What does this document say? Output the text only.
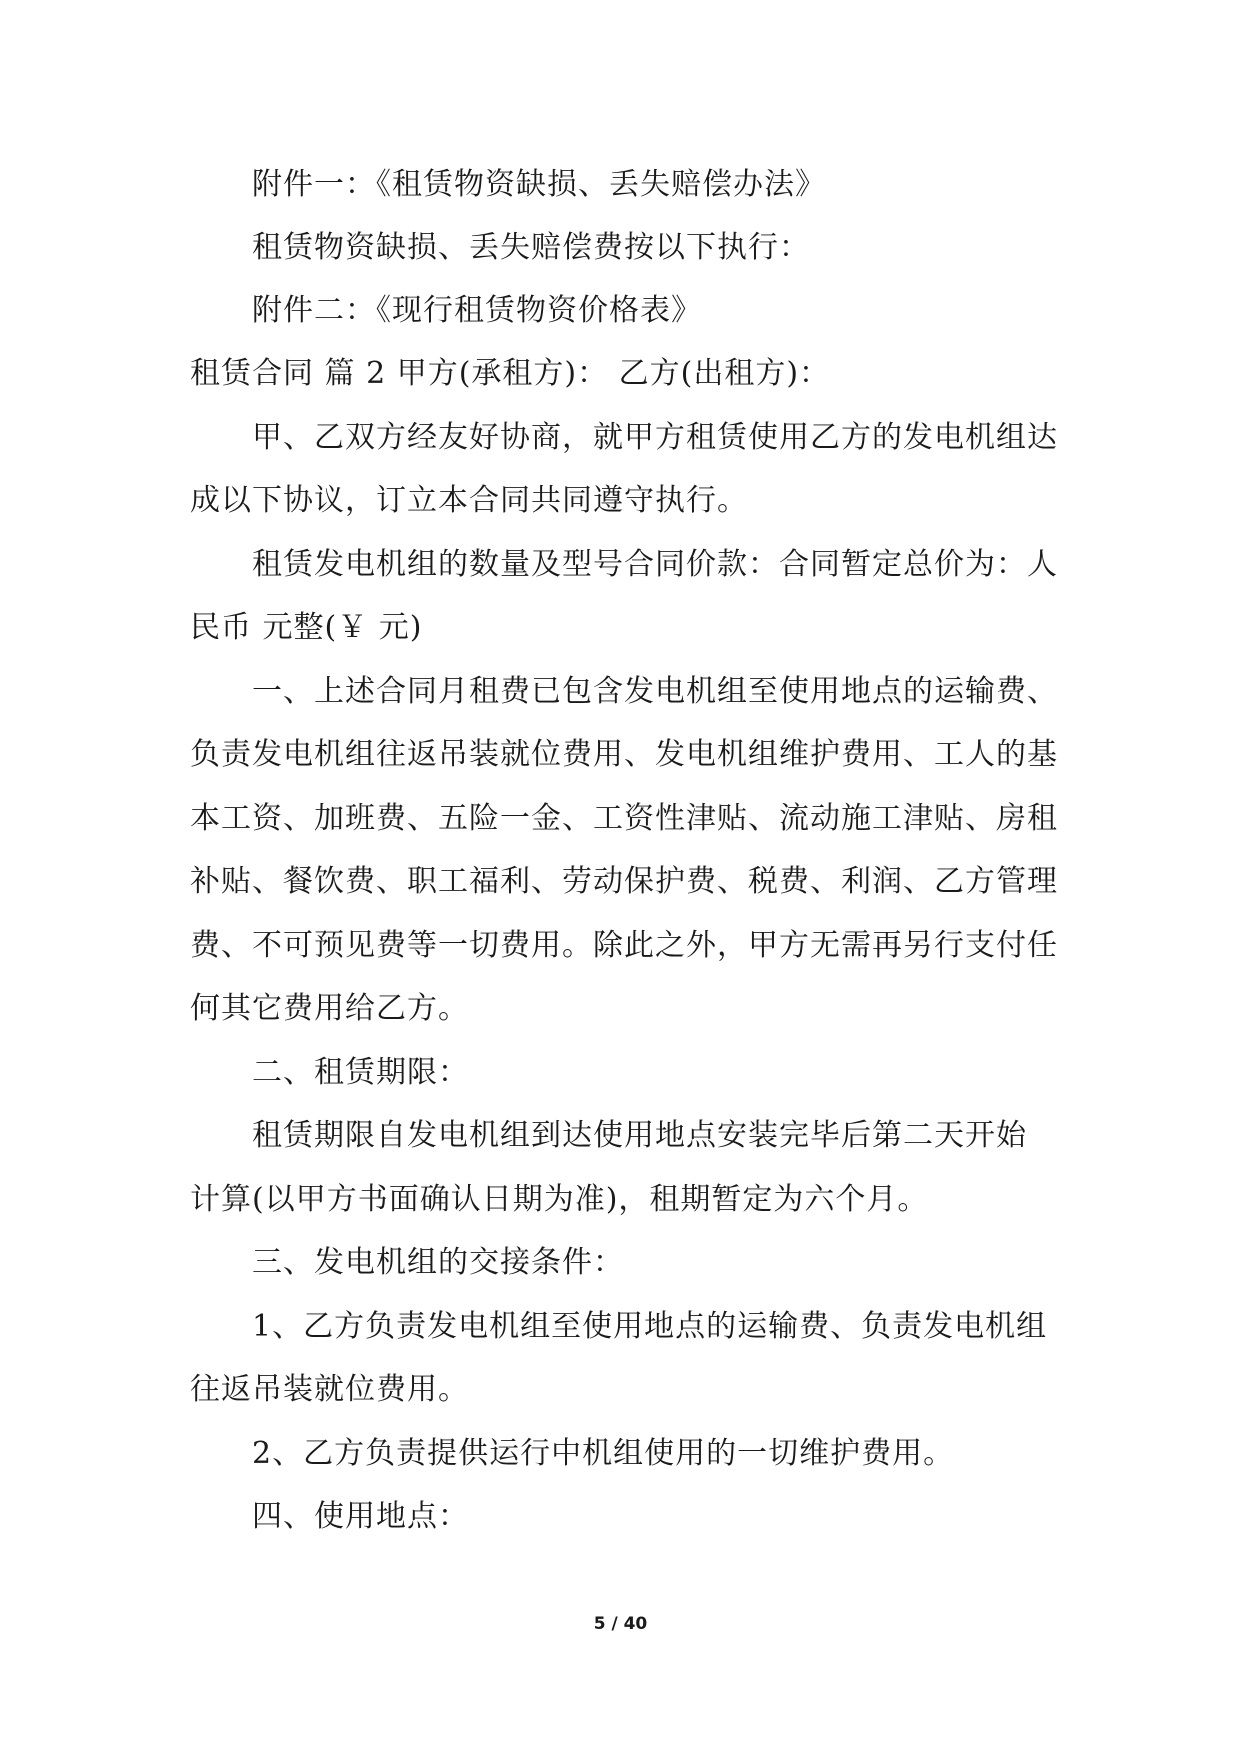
附件一：《租赁物资缺损、丢失赔偿办法》
租赁物资缺损、丢失赔偿费按以下执行：
附件二：《现行租赁物资价格表》
租赁合同 篇 2 甲方(承租方)： 乙方(出租方)：
甲、乙双方经友好协商，就甲方租赁使用乙方的发电机组达
成以下协议，订立本合同共同遵守执行。
租赁发电机组的数量及型号合同价款：合同暂定总价为：人
民币 元整(￥ 元)
一、上述合同月租费已包含发电机组至使用地点的运输费、
负责发电机组往返吊装就位费用、发电机组维护费用、工人的基
本工资、加班费、五险一金、工资性津贴、流动施工津贴、房租
补贴、餐饮费、职工福利、劳动保护费、税费、利润、乙方管理
费、不可预见费等一切费用。除此之外，甲方无需再另行支付任
何其它费用给乙方。
二、租赁期限：
租赁期限自发电机组到达使用地点安装完毕后第二天开始
计算(以甲方书面确认日期为准)，租期暂定为六个月。
三、发电机组的交接条件：
1、乙方负责发电机组至使用地点的运输费、负责发电机组
往返吊装就位费用。
2、乙方负责提供运行中机组使用的一切维护费用。
四、使用地点：
5 / 40
